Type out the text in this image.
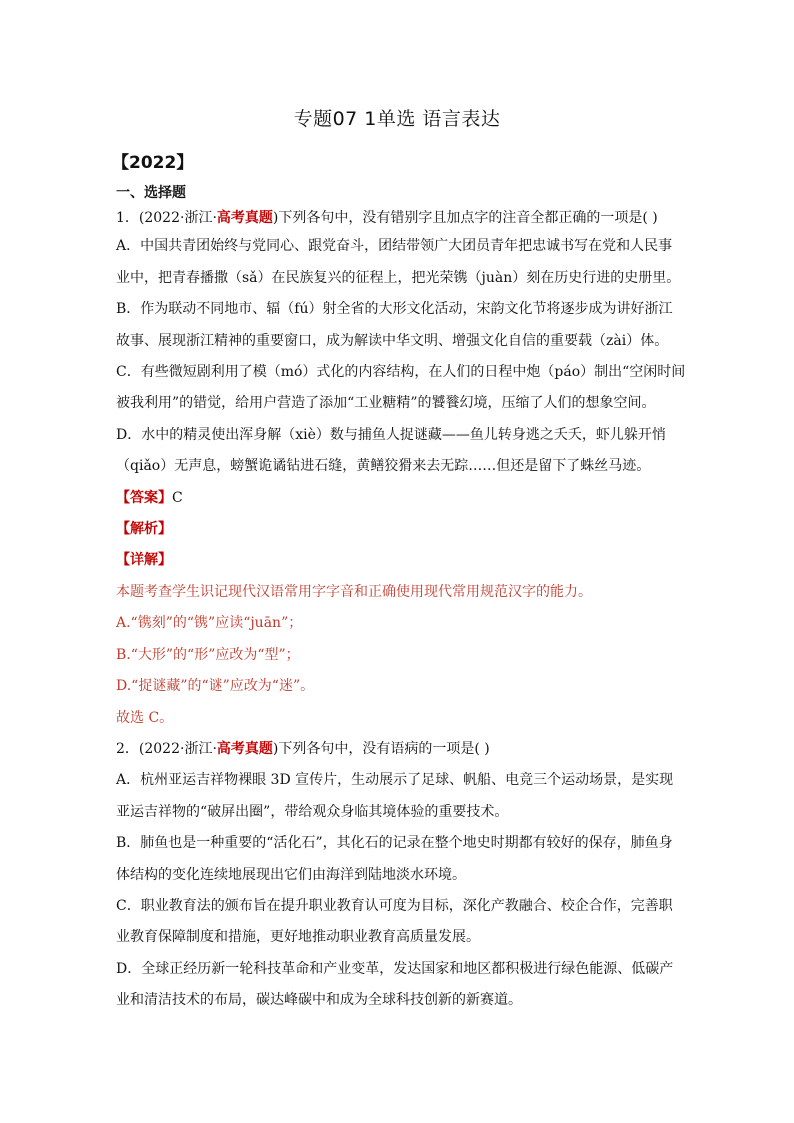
专题07 1单选 语言表达

【2022】

一、选择题

1．(2022·浙江·高考真题)下列各句中，没有错别字且加点字的注音全都正确的一项是( )

A．中国共青团始终与党同心、跟党奋斗，团结带领广大团员青年把忠诚书写在党和人民事业中，把青春播撒（sǎ）在民族复兴的征程上，把光荣镌（juàn）刻在历史行进的史册里。

B．作为联动不同地市、辐（fú）射全省的大形文化活动，宋韵文化节将逐步成为讲好浙江故事、展现浙江精神的重要窗口，成为解读中华文明、增强文化自信的重要载（zài）体。

C．有些微短剧利用了模（mó）式化的内容结构，在人们的日程中炮（páo）制出“空闲时间被我利用”的错觉，给用户营造了添加“工业糖精”的饕餮幻境，压缩了人们的想象空间。

D．水中的精灵使出浑身解（xiè）数与捕鱼人捉谜藏——鱼儿转身逃之夭夭，虾儿躲开悄（qiǎo）无声息，螃蟹诡谲钻进石缝，黄鳝狡猾来去无踪……但还是留下了蛛丝马迹。

【答案】C

【解析】

【详解】

本题考查学生识记现代汉语常用字字音和正确使用现代常用规范汉字的能力。

A.“镌刻”的“镌”应读“juān”；

B.“大形”的“形”应改为“型”；

D.“捉谜藏”的“谜”应改为“迷”。

故选 C。

2．(2022·浙江·高考真题)下列各句中，没有语病的一项是( )

A．杭州亚运吉祥物裸眼 3D 宣传片，生动展示了足球、帆船、电竞三个运动场景，是实现亚运吉祥物的“破屏出圈”，带给观众身临其境体验的重要技术。

B．肺鱼也是一种重要的“活化石”，其化石的记录在整个地史时期都有较好的保存，肺鱼身体结构的变化连续地展现出它们由海洋到陆地淡水环境。

C．职业教育法的颁布旨在提升职业教育认可度为目标，深化产教融合、校企合作，完善职业教育保障制度和措施，更好地推动职业教育高质量发展。

D．全球正经历新一轮科技革命和产业变革，发达国家和地区都积极进行绿色能源、低碳产业和清洁技术的布局，碳达峰碳中和成为全球科技创新的新赛道。
